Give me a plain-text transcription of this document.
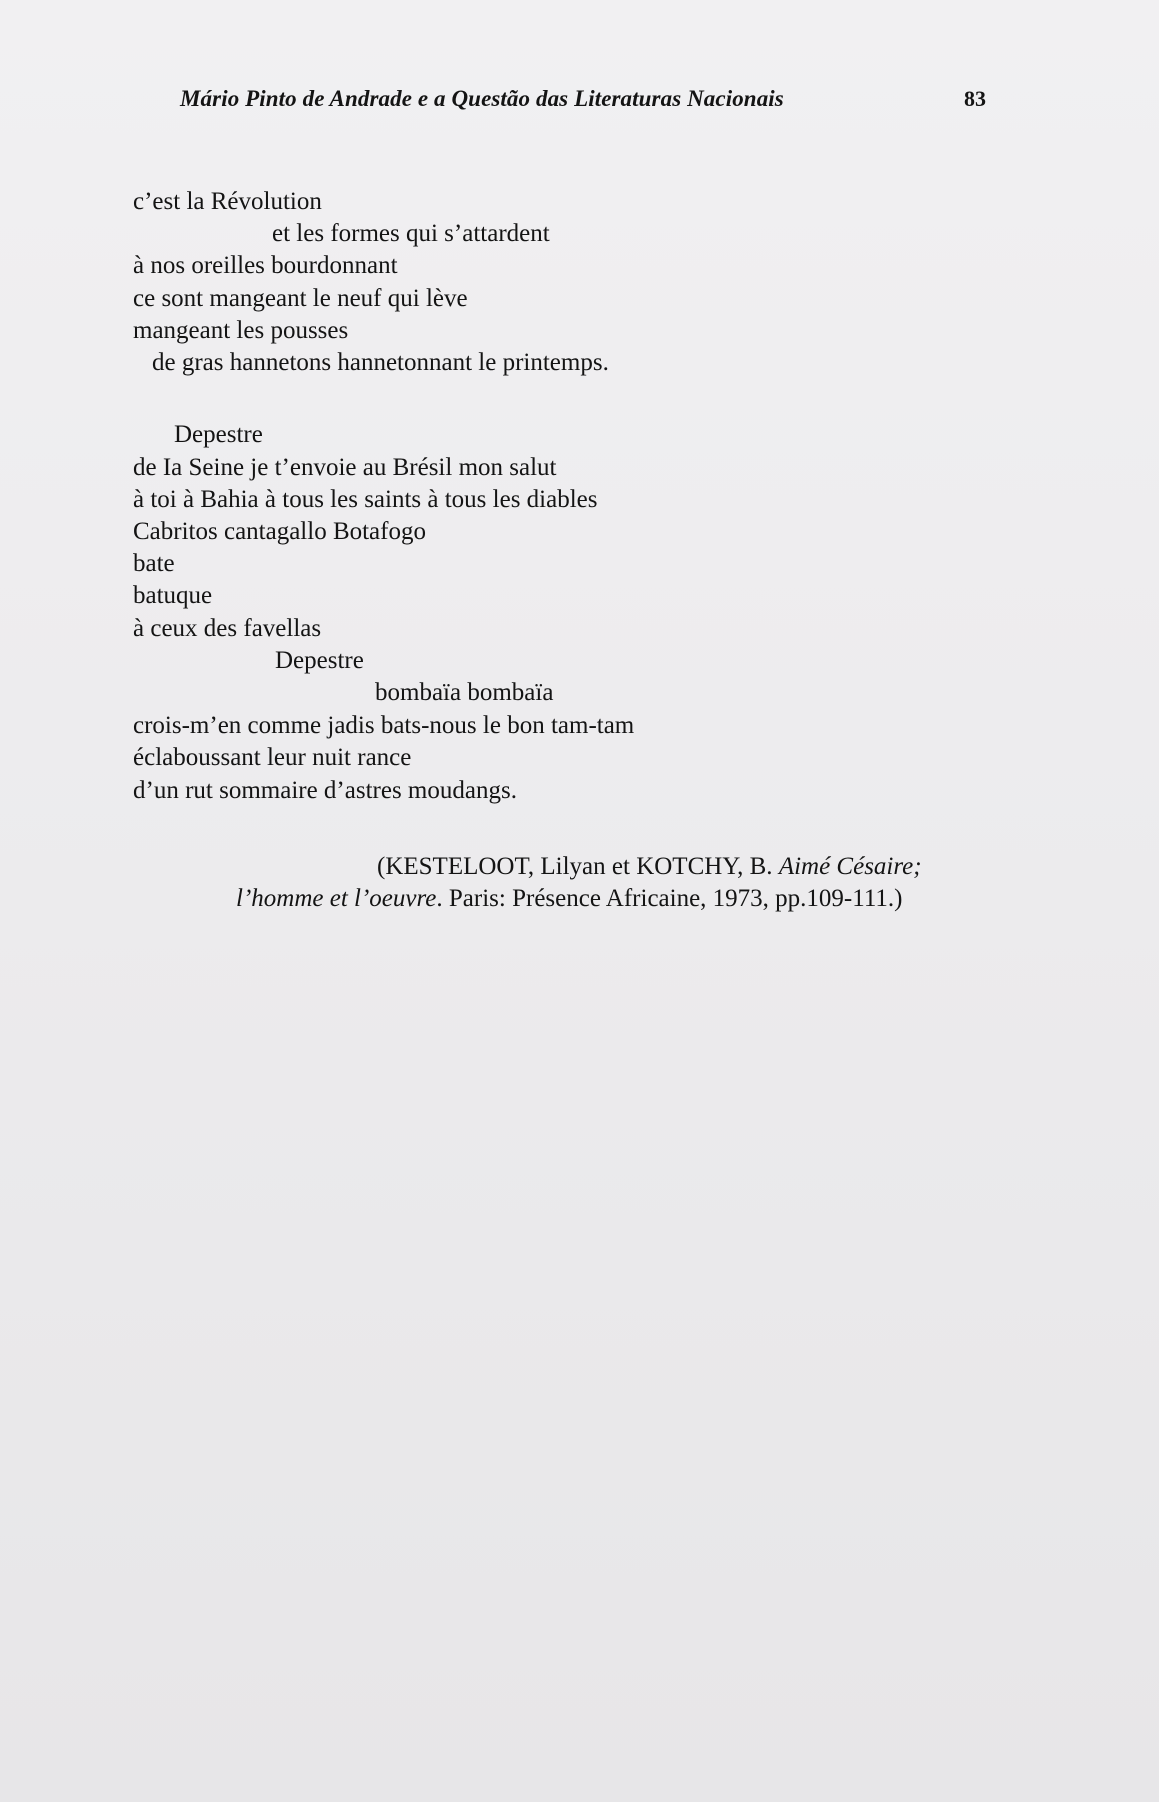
Mário Pinto de Andrade e a Questão das Literaturas Nacionais	83
c’est la Révolution
et les formes qui s’attardent
à nos oreilles bourdonnant
ce sont mangeant le neuf qui lève
mangeant les pousses
de gras hannetons hannetonnant le printemps.
Depestre
de Ia Seine je t’envoie au Brésil mon salut
à toi à Bahia à tous les saints à tous les diables
Cabritos cantagallo Botafogo
bate
batuque
à ceux des favellas
Depestre
bombaïa bombaïa
crois-m’en comme jadis bats-nous le bon tam-tam
éclaboussant leur nuit rance
d’un rut sommaire d’astres moudangs.
(KESTELOOT, Lilyan et KOTCHY, B. Aimé Césaire;
l’homme et l’oeuvre. Paris: Présence Africaine, 1973, pp.109-111.)
